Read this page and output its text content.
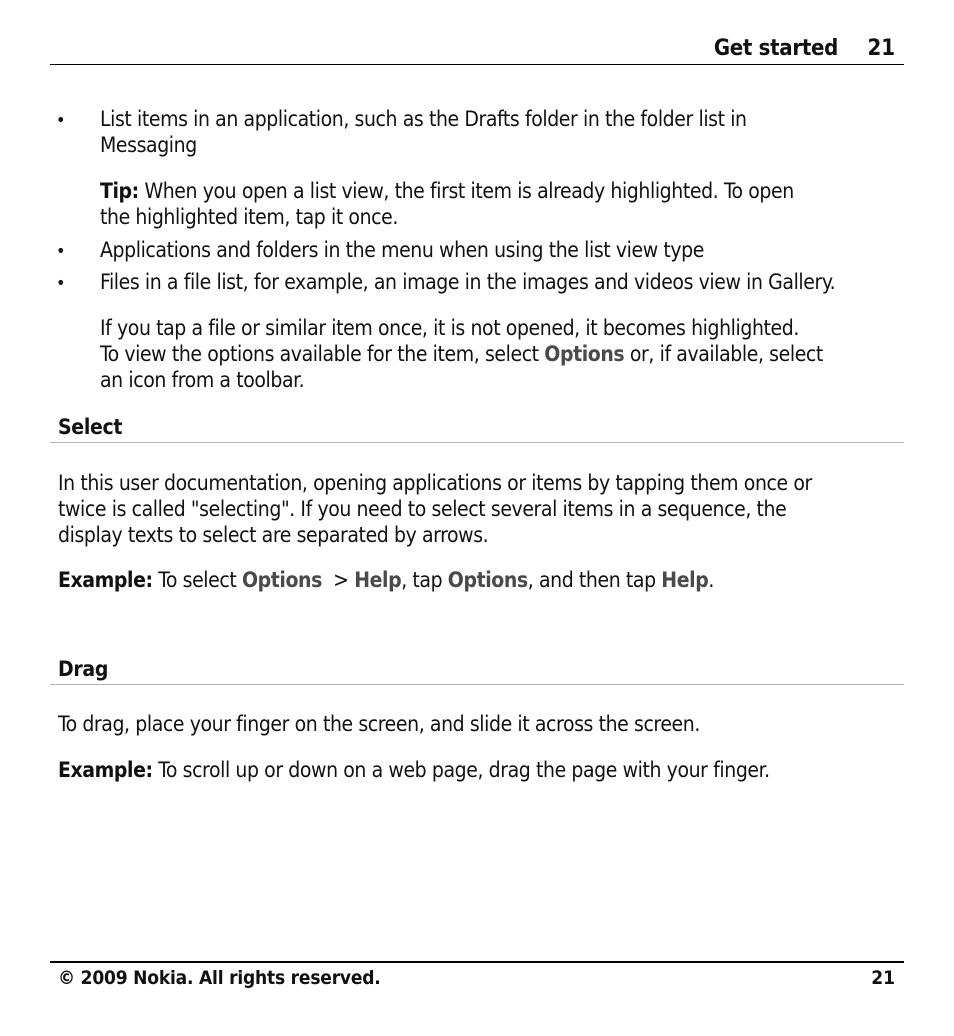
Get started 21
• List items in an application, such as the Drafts folder in the folder list in
Messaging
Tip: When you open a list view, the first item is already highlighted. To open
the highlighted item, tap it once.
• Applications and folders in the menu when using the list view type
• Files in a file list, for example, an image in the images and videos view in Gallery.
If you tap a file or similar item once, it is not opened, it becomes highlighted.
To view the options available for the item, select Options or, if available, select
an icon from a toolbar.
Select
In this user documentation, opening applications or items by tapping them once or
twice is called "selecting". If you need to select several items in a sequence, the
display texts to select are separated by arrows.
Example: To select Options  > Help, tap Options, and then tap Help.
Drag
To drag, place your finger on the screen, and slide it across the screen.
Example: To scroll up or down on a web page, drag the page with your finger.
© 2009 Nokia. All rights reserved.	21
